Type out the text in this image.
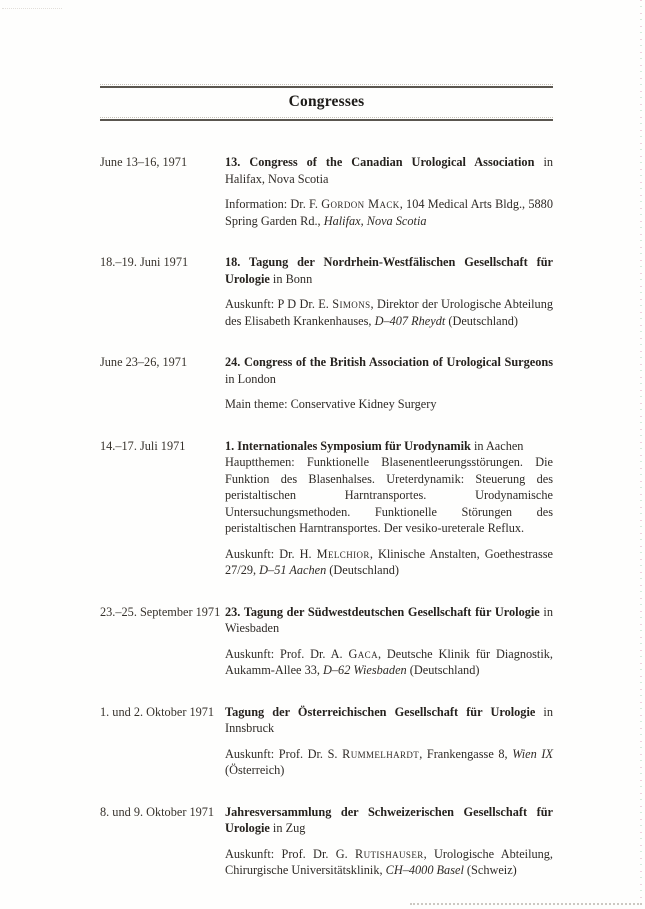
Congresses
June 13–16, 1971	13. Congress of the Canadian Urological Association in Halifax, Nova Scotia

Information: Dr. F. Gordon Mack, 104 Medical Arts Bldg., 5880 Spring Garden Rd., Halifax, Nova Scotia

18.–19. Juni 1971	18. Tagung der Nordrhein-Westfälischen Gesellschaft für Urologie in Bonn

Auskunft: P D Dr. E. Simons, Direktor der Urologische Abteilung des Elisabeth Krankenhauses, D–407 Rheydt (Deutschland)

June 23–26, 1971	24. Congress of the British Association of Urological Surgeons in London

Main theme: Conservative Kidney Surgery

14.–17. Juli 1971	1. Internationales Symposium für Urodynamik in Aachen
Hauptthemen: Funktionelle Blasenentleerungsstörungen. Die Funktion des Blasenhalses. Ureterdynamik: Steuerung des peristaltischen Harntransportes. Urodynamische Untersuchungsmethoden. Funktionelle Störungen des peristaltischen Harntransportes. Der vesiko-ureterale Reflux.

Auskunft: Dr. H. Melchior, Klinische Anstalten, Goethestrasse 27/29, D–51 Aachen (Deutschland)

23.–25. September 1971 23. Tagung der Südwestdeutschen Gesellschaft für Urologie in Wiesbaden

Auskunft: Prof. Dr. A. Gaca, Deutsche Klinik für Diagnostik, Aukamm-Allee 33, D–62 Wiesbaden (Deutschland)

1. und 2. Oktober 1971 Tagung der Österreichischen Gesellschaft für Urologie in Innsbruck

Auskunft: Prof. Dr. S. Rummelhardt, Frankengasse 8, Wien IX (Österreich)

8. und 9. Oktober 1971 Jahresversammlung der Schweizerischen Gesellschaft für Urologie in Zug

Auskunft: Prof. Dr. G. Rutishauser, Urologische Abteilung, Chirurgische Universitätsklinik, CH–4000 Basel (Schweiz)
